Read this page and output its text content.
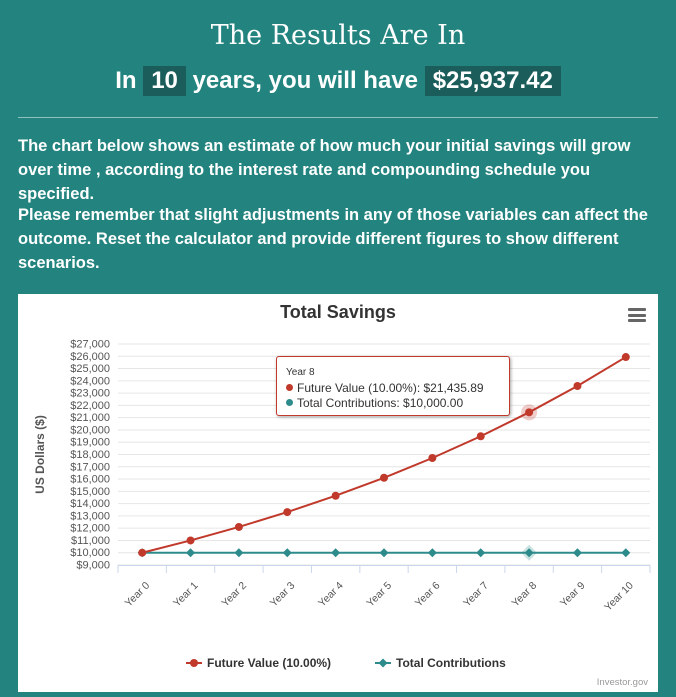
The Results Are In
In 10 years, you will have $25,937.42
The chart below shows an estimate of how much your initial savings will grow over time , according to the interest rate and compounding schedule you specified.
Please remember that slight adjustments in any of those variables can affect the outcome. Reset the calculator and provide different figures to show different scenarios.
$9,000
$10,000
$11,000
$12,000
$13,000
$14,000
$15,000
$16,000
$17,000
$18,000
$19,000
$20,000
$21,000
$22,000
$23,000
$24,000
$25,000
$26,000
$27,000
US Dollars ($)
Year 0 Year 1 Year 2 Year 3 Year 4 Year 5 Year 6 Year 7 Year 8 Year 9 Year 10
Future Value (10.00%)	Total Contributions
Total Savings
Year 8
Future Value (10.00%): $21,435.89
Total Contributions: $10,000.00
Investor.gov
